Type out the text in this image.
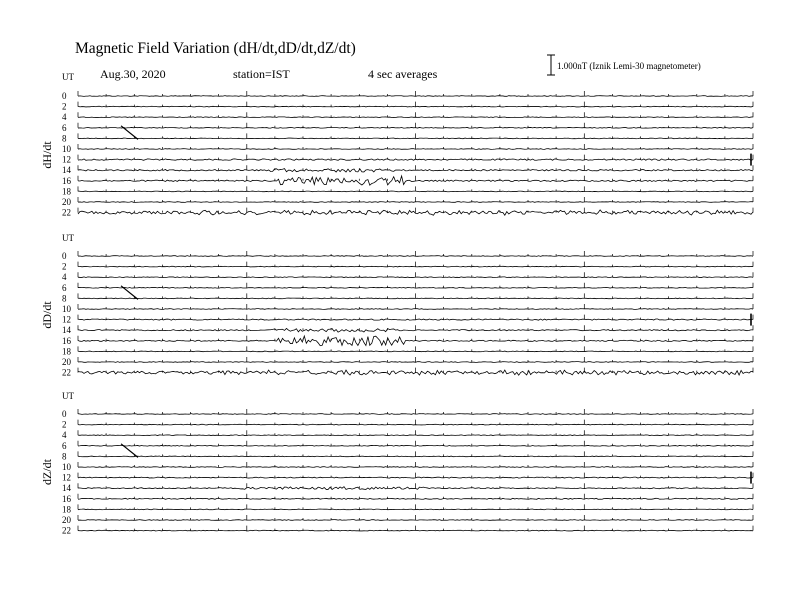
Magnetic Field Variation (dH/dt,dD/dt,dZ/dt)
Aug.30, 2020	station=IST	4 sec averages
1.000nT (Iznik Lemi-30 magnetometer)
UT
dH/dt
0
2
4
6
8
10
12
14
16
18
20
22
UT
dD/dt
0
2
4
6
8
10
12
14
16
18
20
22
UT
dZ/dt
0
2
4
6
8
10
12
14
16
18
20
22
